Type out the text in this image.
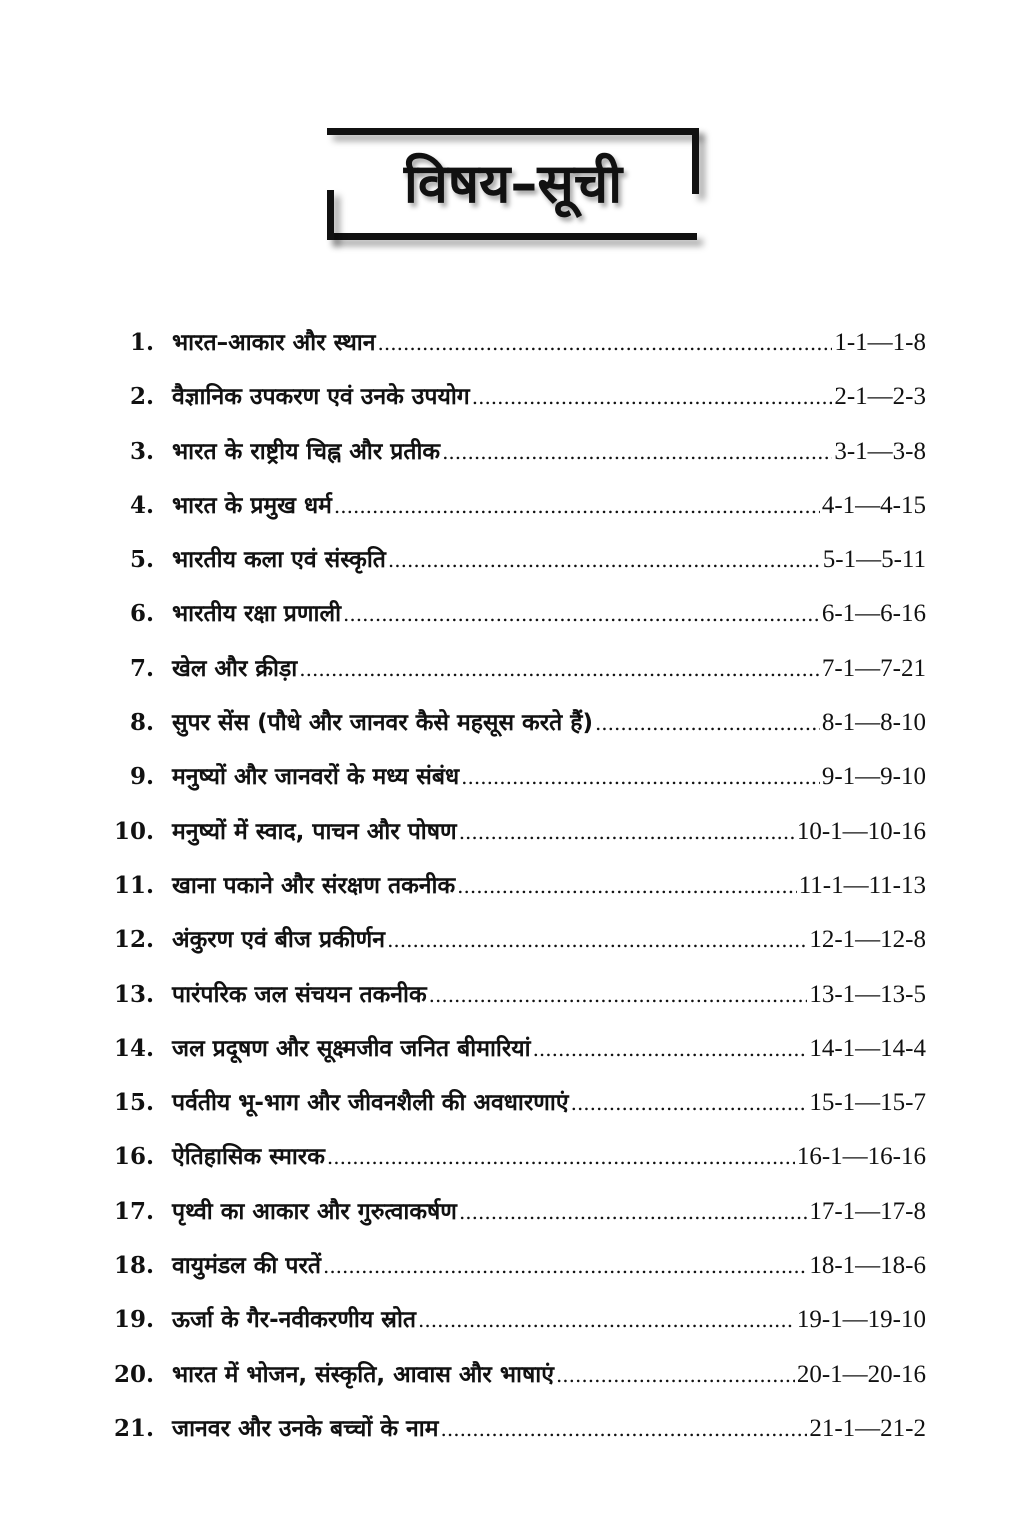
विषय–सूची
1. भारत–आकार और स्थान .....	1-1—1-8
2. वैज्ञानिक उपकरण एवं उनके उपयोग .....	2-1—2-3
3. भारत के राष्ट्रीय चिह्न और प्रतीक .....	3-1—3-8
4. भारत के प्रमुख धर्म .....	4-1—4-15
5. भारतीय कला एवं संस्कृति .....	5-1—5-11
6. भारतीय रक्षा प्रणाली .....	6-1—6-16
7. खेल और क्रीड़ा .....	7-1—7-21
8. सुपर सेंस (पौधे और जानवर कैसे महसूस करते हैं) .....	8-1—8-10
9. मनुष्यों और जानवरों के मध्य संबंध .....	9-1—9-10
10. मनुष्यों में स्वाद, पाचन और पोषण .....	10-1—10-16
11. खाना पकाने और संरक्षण तकनीक .....	11-1—11-13
12. अंकुरण एवं बीज प्रकीर्णन .....	12-1—12-8
13. पारंपरिक जल संचयन तकनीक .....	13-1—13-5
14. जल प्रदूषण और सूक्ष्मजीव जनित बीमारियां .....	14-1—14-4
15. पर्वतीय भू-भाग और जीवनशैली की अवधारणाएं .....	15-1—15-7
16. ऐतिहासिक स्मारक .....	16-1—16-16
17. पृथ्वी का आकार और गुरुत्वाकर्षण .....	17-1—17-8
18. वायुमंडल की परतें .....	18-1—18-6
19. ऊर्जा के गैर-नवीकरणीय स्रोत .....	19-1—19-10
20. भारत में भोजन, संस्कृति, आवास और भाषाएं .....	20-1—20-16
21. जानवर और उनके बच्चों के नाम .....	21-1—21-2
